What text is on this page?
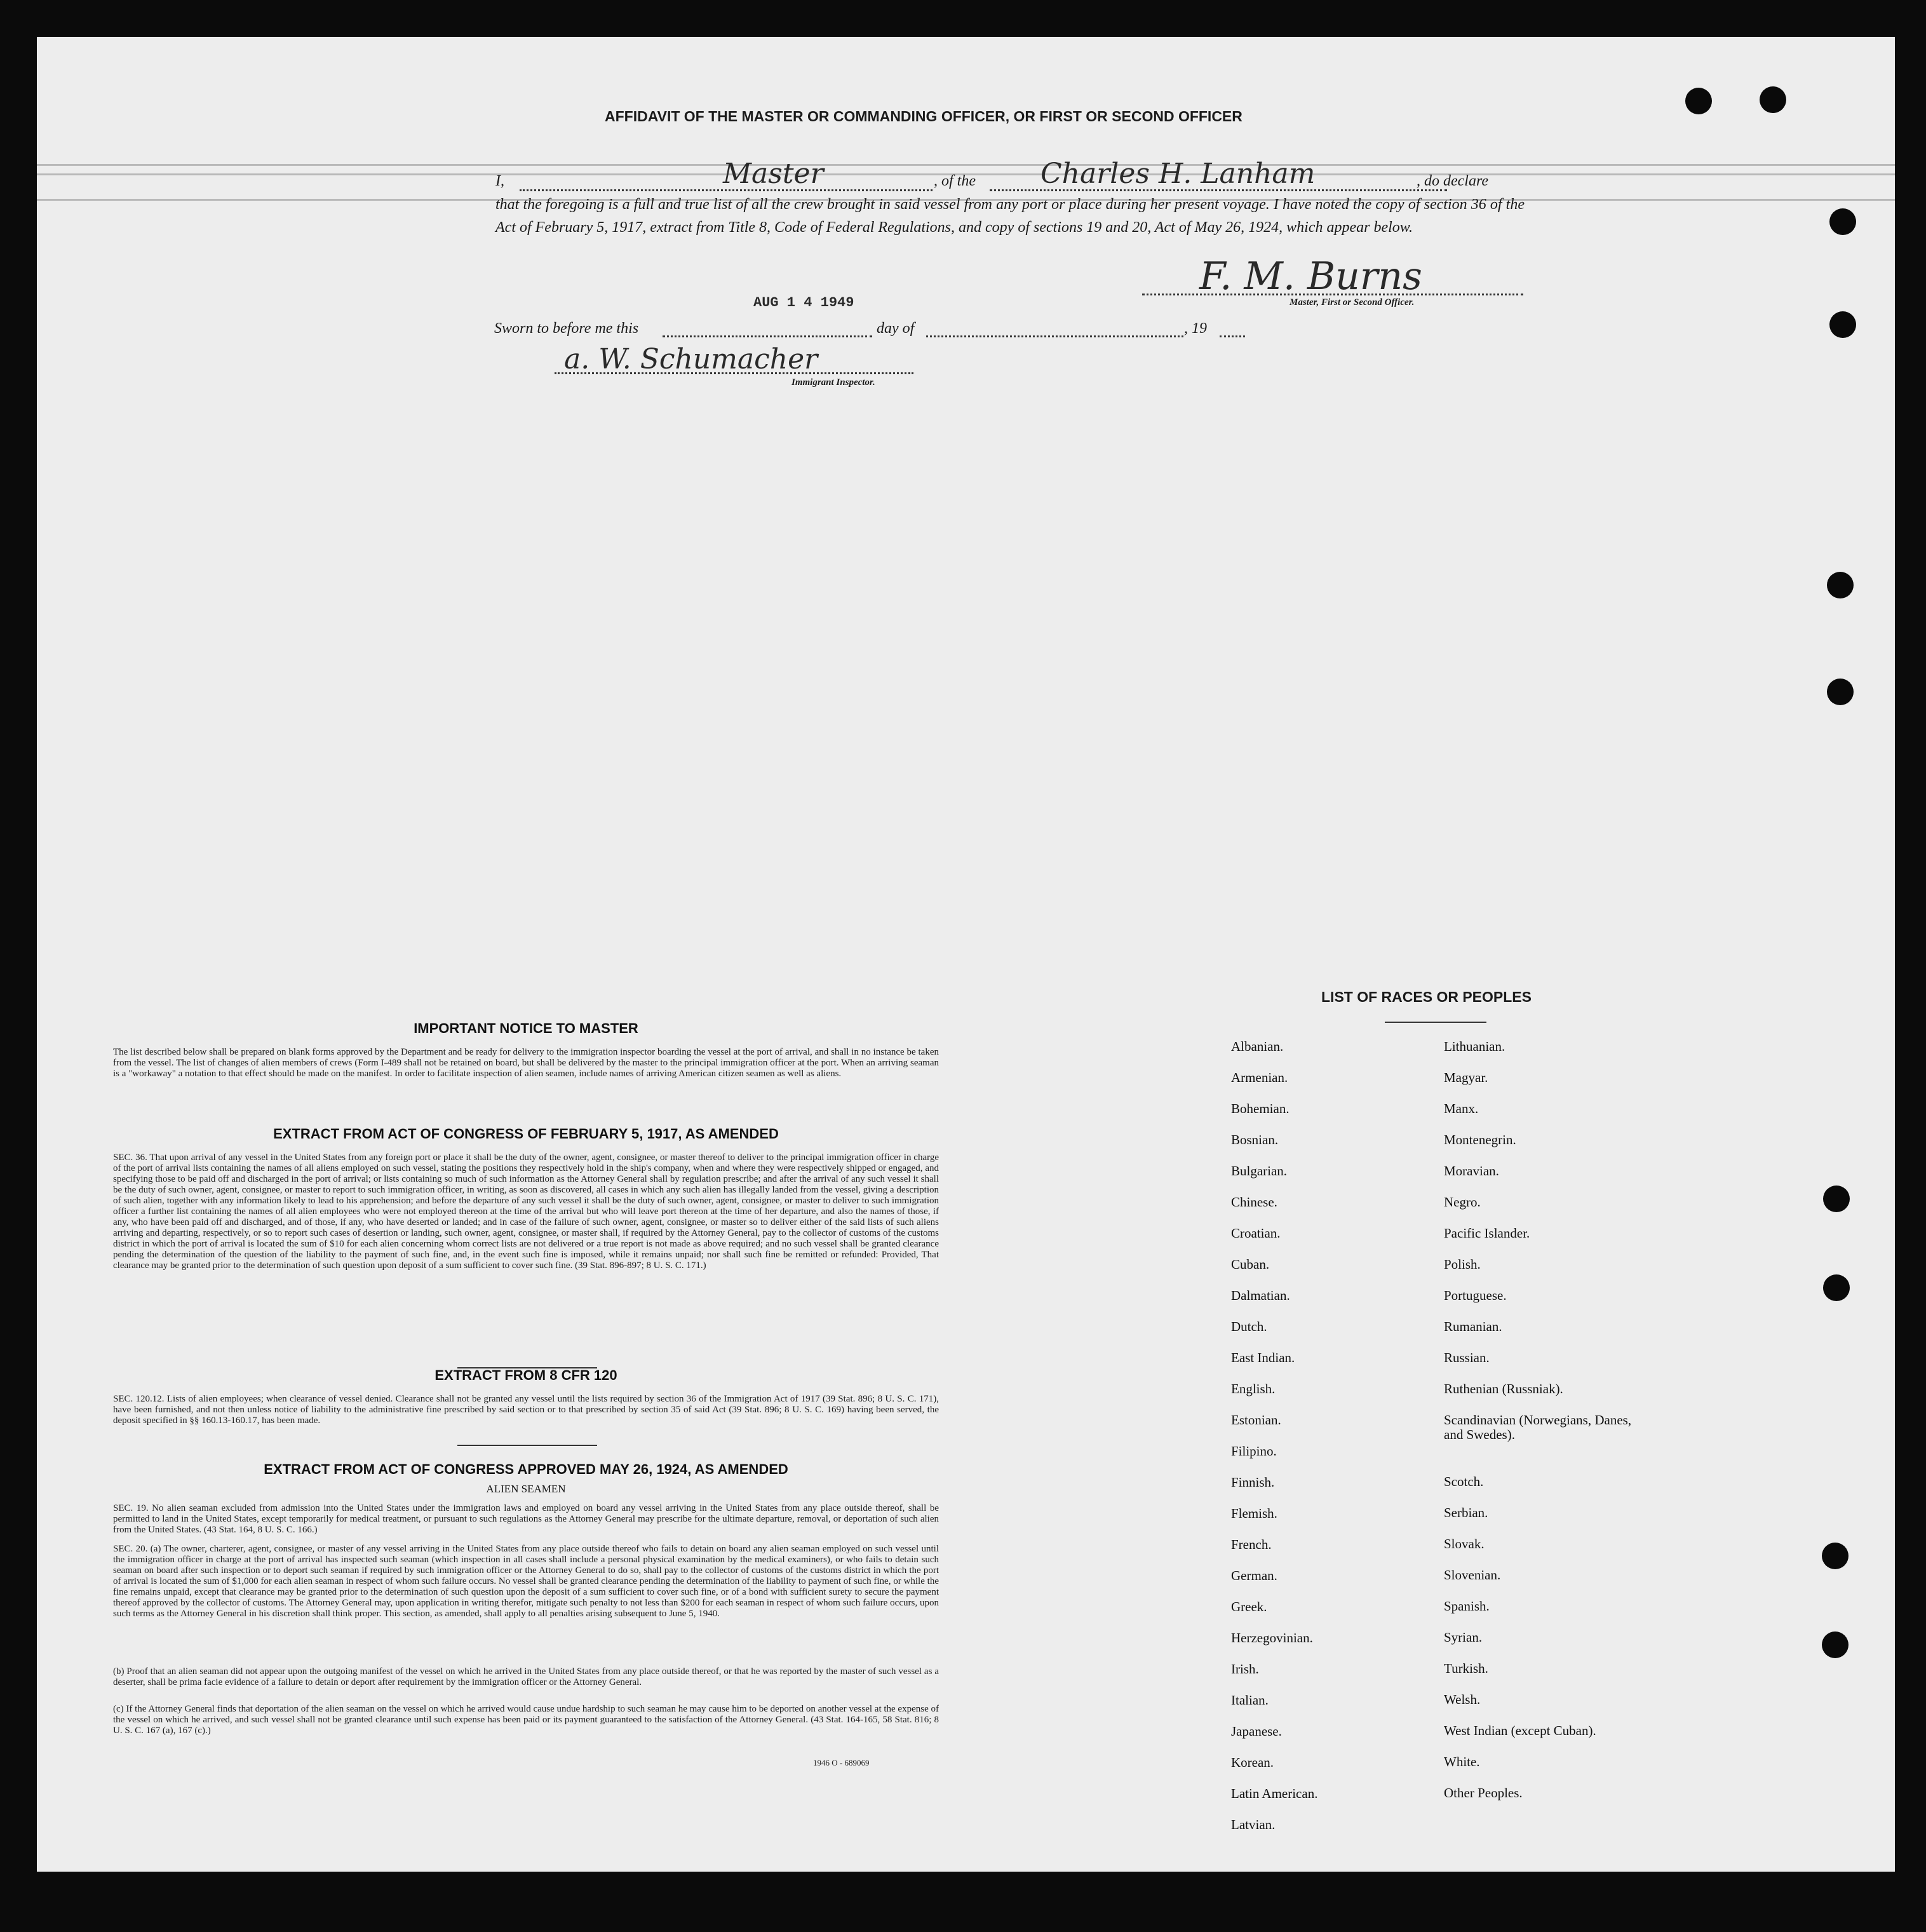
AFFIDAVIT OF THE MASTER OR COMMANDING OFFICER, OR FIRST OR SECOND OFFICER
I,	Master	, of the Charles H. Lanham	, do declare
that the foregoing is a full and true list of all the crew brought in said vessel from any port or place during her present voyage. I have noted the copy of section 36 of the Act of February 5, 1917, extract from Title 8, Code of Federal Regulations, and copy of sections 19 and 20, Act of May 26, 1924, which appear below.
F. M. Burns
Master, First or Second Officer.
AUG 1 4 1949
Sworn to before me this	day of	, 19
a. W. Schumacher
Immigrant Inspector.
IMPORTANT NOTICE TO MASTER
The list described below shall be prepared on blank forms approved by the Department and be ready for delivery to the immigration inspector boarding the vessel at the port of arrival, and shall in no instance be taken from the vessel. The list of changes of alien members of crews (Form I-489 shall not be retained on board, but shall be delivered by the master to the principal immigration officer at the port. When an arriving seaman is a "workaway" a notation to that effect should be made on the manifest. In order to facilitate inspection of alien seamen, include names of arriving American citizen seamen as well as aliens.
EXTRACT FROM ACT OF CONGRESS OF FEBRUARY 5, 1917, AS AMENDED
SEC. 36. That upon arrival of any vessel in the United States from any foreign port or place it shall be the duty of the owner, agent, consignee, or master thereof to deliver to the principal immigration officer in charge of the port of arrival lists containing the names of all aliens employed on such vessel, stating the positions they respectively hold in the ship's company, when and where they were respectively shipped or engaged, and specifying those to be paid off and discharged in the port of arrival; or lists containing so much of such information as the Attorney General shall by regulation prescribe; and after the arrival of any such vessel it shall be the duty of such owner, agent, consignee, or master to report to such immigration officer, in writing, as soon as discovered, all cases in which any such alien has illegally landed from the vessel, giving a description of such alien, together with any information likely to lead to his apprehension; and before the departure of any such vessel it shall be the duty of such owner, agent, consignee, or master to deliver to such immigration officer a further list containing the names of all alien employees who were not employed thereon at the time of the arrival but who will leave port thereon at the time of her departure, and also the names of those, if any, who have been paid off and discharged, and of those, if any, who have deserted or landed; and in case of the failure of such owner, agent, consignee, or master so to deliver either of the said lists of such aliens arriving and departing, respectively, or so to report such cases of desertion or landing, such owner, agent, consignee, or master shall, if required by the Attorney General, pay to the collector of customs of the customs district in which the port of arrival is located the sum of $10 for each alien concerning whom correct lists are not delivered or a true report is not made as above required; and no such vessel shall be granted clearance pending the determination of the question of the liability to the payment of such fine, and, in the event such fine is imposed, while it remains unpaid; nor shall such fine be remitted or refunded: Provided, That clearance may be granted prior to the determination of such question upon deposit of a sum sufficient to cover such fine. (39 Stat. 896-897; 8 U. S. C. 171.)
EXTRACT FROM 8 CFR 120
SEC. 120.12. Lists of alien employees; when clearance of vessel denied. Clearance shall not be granted any vessel until the lists required by section 36 of the Immigration Act of 1917 (39 Stat. 896; 8 U. S. C. 171), have been furnished, and not then unless notice of liability to the administrative fine prescribed by said section or to that prescribed by section 35 of said Act (39 Stat. 896; 8 U. S. C. 169) having been served, the deposit specified in §§ 160.13-160.17, has been made.
EXTRACT FROM ACT OF CONGRESS APPROVED MAY 26, 1924, AS AMENDED
ALIEN SEAMEN
SEC. 19. No alien seaman excluded from admission into the United States under the immigration laws and employed on board any vessel arriving in the United States from any place outside thereof, shall be permitted to land in the United States, except temporarily for medical treatment, or pursuant to such regulations as the Attorney General may prescribe for the ultimate departure, removal, or deportation of such alien from the United States. (43 Stat. 164, 8 U. S. C. 166.)
SEC. 20. (a) The owner, charterer, agent, consignee, or master of any vessel arriving in the United States from any place outside thereof who fails to detain on board any alien seaman employed on such vessel until the immigration officer in charge at the port of arrival has inspected such seaman (which inspection in all cases shall include a personal physical examination by the medical examiners), or who fails to detain such seaman on board after such inspection or to deport such seaman if required by such immigration officer or the Attorney General to do so, shall pay to the collector of customs of the customs district in which the port of arrival is located the sum of $1,000 for each alien seaman in respect of whom such failure occurs. No vessel shall be granted clearance pending the determination of the liability to payment of such fine, or while the fine remains unpaid, except that clearance may be granted prior to the determination of such question upon the deposit of a sum sufficient to cover such fine, or of a bond with sufficient surety to secure the payment thereof approved by the collector of customs. The Attorney General may, upon application in writing therefor, mitigate such penalty to not less than $200 for each seaman in respect of whom such failure occurs, upon such terms as the Attorney General in his discretion shall think proper. This section, as amended, shall apply to all penalties arising subsequent to June 5, 1940.
(b) Proof that an alien seaman did not appear upon the outgoing manifest of the vessel on which he arrived in the United States from any place outside thereof, or that he was reported by the master of such vessel as a deserter, shall be prima facie evidence of a failure to detain or deport after requirement by the immigration officer or the Attorney General.
(c) If the Attorney General finds that deportation of the alien seaman on the vessel on which he arrived would cause undue hardship to such seaman he may cause him to be deported on another vessel at the expense of the vessel on which he arrived, and such vessel shall not be granted clearance until such expense has been paid or its payment guaranteed to the satisfaction of the Attorney General. (43 Stat. 164-165, 58 Stat. 816; 8 U. S. C. 167 (a), 167 (c).)
1946 O - 689069
LIST OF RACES OR PEOPLES
Albanian.
Armenian.
Bohemian.
Bosnian.
Bulgarian.
Chinese.
Croatian.
Cuban.
Dalmatian.
Dutch.
East Indian.
English.
Estonian.
Filipino.
Finnish.
Flemish.
French.
German.
Greek.
Herzegovinian.
Irish.
Italian.
Japanese.
Korean.
Latin American.
Latvian.
Lithuanian.
Magyar.
Manx.
Montenegrin.
Moravian.
Negro.
Pacific Islander.
Polish.
Portuguese.
Rumanian.
Russian.
Ruthenian (Russniak).
Scandinavian (Norwegians, Danes, and Swedes).
Scotch.
Serbian.
Slovak.
Slovenian.
Spanish.
Syrian.
Turkish.
Welsh.
West Indian (except Cuban).
White.
Other Peoples.
